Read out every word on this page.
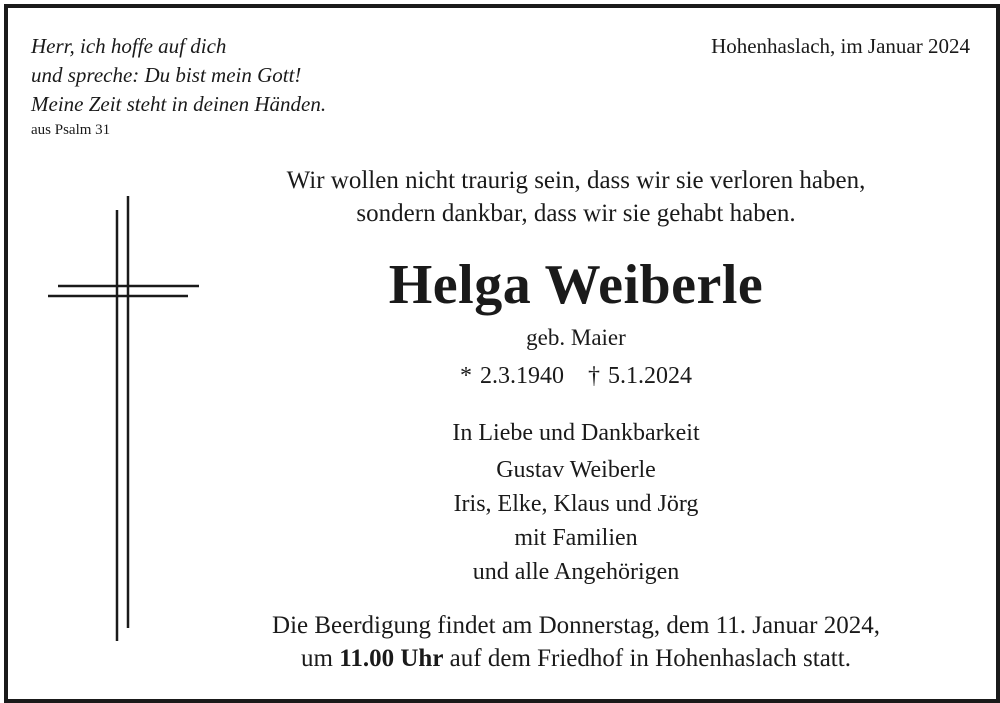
Herr, ich hoffe auf dich
und spreche: Du bist mein Gott!
Meine Zeit steht in deinen Händen.
aus Psalm 31
Hohenhaslach, im Januar 2024
Wir wollen nicht traurig sein, dass wir sie verloren haben,
sondern dankbar, dass wir sie gehabt haben.
Helga Weiberle
geb. Maier
* 2.3.1940 † 5.1.2024
In Liebe und Dankbarkeit
Gustav Weiberle
Iris, Elke, Klaus und Jörg
mit Familien
und alle Angehörigen
Die Beerdigung findet am Donnerstag, dem 11. Januar 2024,
um 11.00 Uhr auf dem Friedhof in Hohenhaslach statt.
